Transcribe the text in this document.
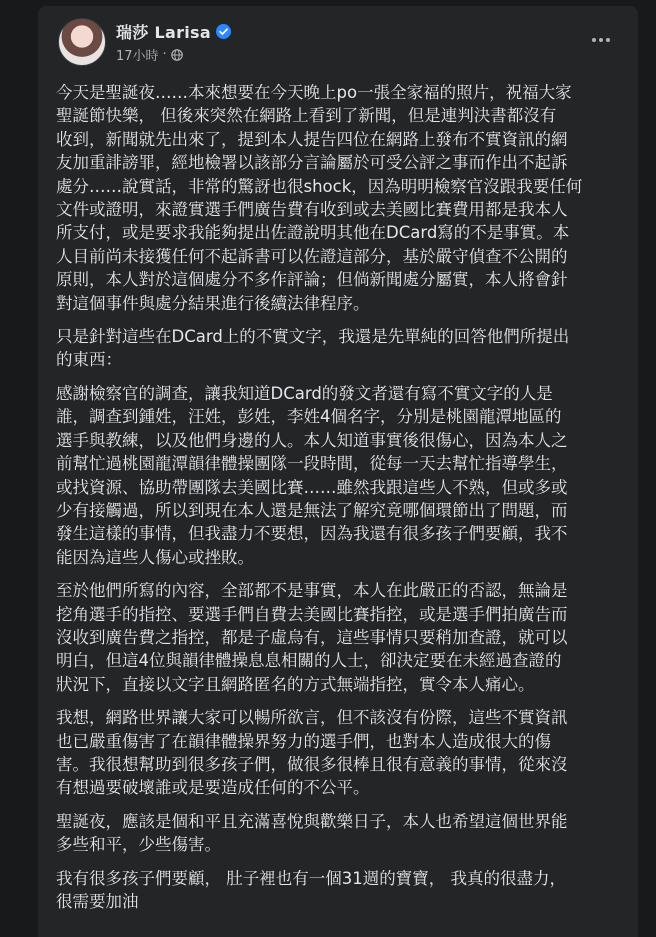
瑞莎 Larisa
17小時 ·

今天是聖誕夜……本來想要在今天晚上po一張全家福的照片，祝福大家
聖誕節快樂， 但後來突然在網路上看到了新聞，但是連判決書都沒有
收到，新聞就先出來了，提到本人提告四位在網路上發布不實資訊的網
友加重誹謗罪，經地檢署以該部分言論屬於可受公評之事而作出不起訴
處分……說實話，非常的驚訝也很shock，因為明明檢察官沒跟我要任何
文件或證明，來證實選手們廣告費有收到或去美國比賽費用都是我本人
所支付，或是要求我能夠提出佐證說明其他在DCard寫的不是事實。本
人目前尚未接獲任何不起訴書可以佐證這部分，基於嚴守偵查不公開的
原則，本人對於這個處分不多作評論；但倘新聞處分屬實，本人將會針
對這個事件與處分結果進行後續法律程序。

只是針對這些在DCard上的不實文字，我還是先單純的回答他們所提出
的東西：

感謝檢察官的調查，讓我知道DCard的發文者還有寫不實文字的人是
誰，調查到鍾姓，汪姓，彭姓，李姓4個名字，分別是桃園龍潭地區的
選手與教練，以及他們身邊的人。本人知道事實後很傷心，因為本人之
前幫忙過桃園龍潭韻律體操團隊一段時間，從每一天去幫忙指導學生，
或找資源、協助帶團隊去美國比賽……雖然我跟這些人不熟，但或多或
少有接觸過，所以到現在本人還是無法了解究竟哪個環節出了問題，而
發生這樣的事情，但我盡力不要想，因為我還有很多孩子們要顧，我不
能因為這些人傷心或挫敗。

至於他們所寫的內容，全部都不是事實，本人在此嚴正的否認，無論是
挖角選手的指控、要選手們自費去美國比賽指控，或是選手們拍廣告而
沒收到廣告費之指控，都是子虛烏有，這些事情只要稍加查證，就可以
明白，但這4位與韻律體操息息相關的人士，卻決定要在未經過查證的
狀況下，直接以文字且網路匿名的方式無端指控，實令本人痛心。

我想，網路世界讓大家可以暢所欲言，但不該沒有份際，這些不實資訊
也已嚴重傷害了在韻律體操界努力的選手們，也對本人造成很大的傷
害。我很想幫助到很多孩子們，做很多很棒且很有意義的事情，從來沒
有想過要破壞誰或是要造成任何的不公平。

聖誕夜，應該是個和平且充滿喜悅與歡樂日子，本人也希望這個世界能
多些和平，少些傷害。

我有很多孩子們要顧， 肚子裡也有一個31週的寶寶， 我真的很盡力，
很需要加油
